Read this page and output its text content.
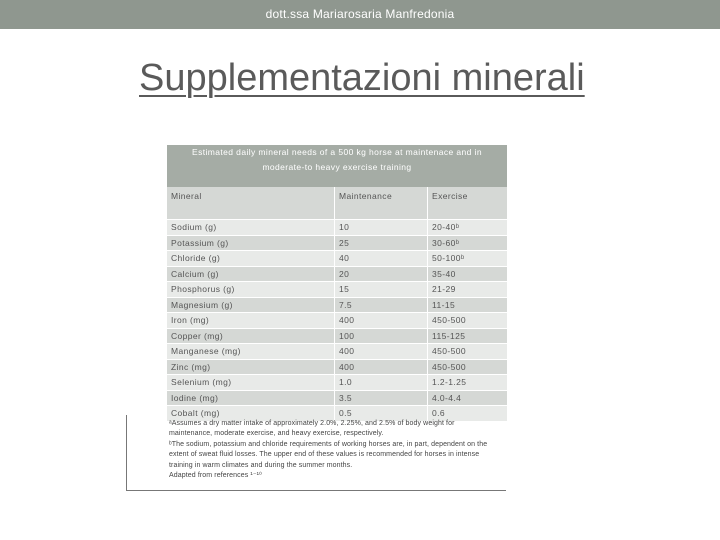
dott.ssa Mariarosaria Manfredonia
Supplementazioni minerali
Estimated daily mineral needs of a 500 kg horse at maintenace and in
moderate-to heavy exercise training
Mineral	Maintenance	Exercise
Sodium (g)	10	20-40ᵇ
Potassium (g)	25	30-60ᵇ
Chloride (g)	40	50-100ᵇ
Calcium (g)	20	35-40
Phosphorus (g)	15	21-29
Magnesium (g)	7.5	11-15
Iron (mg)	400	450-500
Copper (mg)	100	115-125
Manganese (mg)	400	450-500
Zinc (mg)	400	450-500
Selenium (mg)	1.0	1.2-1.25
Iodine (mg)	3.5	4.0-4.4
Cobalt (mg)	0.5	0.6
ᵃAssumes a dry matter intake of approximately 2.0%, 2.25%, and 2.5% of body weight for
maintenance, moderate exercise, and heavy exercise, respectively.
ᵇThe sodium, potassium and chloride requirements of working horses are, in part, dependent on the
extent of sweat fluid losses. The upper end of these values is recommended for horses in intense
training in warm climates and during the summer months.
Adapted from references ¹⁻¹⁰
